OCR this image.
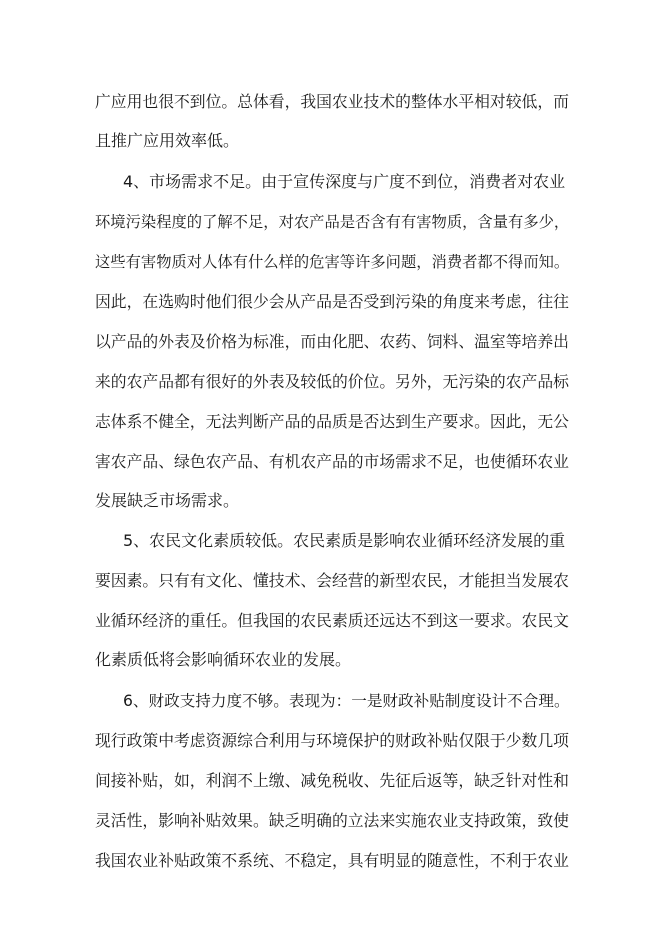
广应用也很不到位。总体看，我国农业技术的整体水平相对较低，而

且推广应用效率低。

4、市场需求不足。由于宣传深度与广度不到位，消费者对农业

环境污染程度的了解不足，对农产品是否含有有害物质，含量有多少，

这些有害物质对人体有什么样的危害等许多问题，消费者都不得而知。

因此，在选购时他们很少会从产品是否受到污染的角度来考虑，往往

以产品的外表及价格为标准，而由化肥、农药、饲料、温室等培养出

来的农产品都有很好的外表及较低的价位。另外，无污染的农产品标

志体系不健全，无法判断产品的品质是否达到生产要求。因此，无公

害农产品、绿色农产品、有机农产品的市场需求不足，也使循环农业

发展缺乏市场需求。

5、农民文化素质较低。农民素质是影响农业循环经济发展的重

要因素。只有有文化、懂技术、会经营的新型农民，才能担当发展农

业循环经济的重任。但我国的农民素质还远达不到这一要求。农民文

化素质低将会影响循环农业的发展。

6、财政支持力度不够。表现为：一是财政补贴制度设计不合理。

现行政策中考虑资源综合利用与环境保护的财政补贴仅限于少数几项

间接补贴，如，利润不上缴、减免税收、先征后返等，缺乏针对性和

灵活性，影响补贴效果。缺乏明确的立法来实施农业支持政策，致使

我国农业补贴政策不系统、不稳定，具有明显的随意性，不利于农业
